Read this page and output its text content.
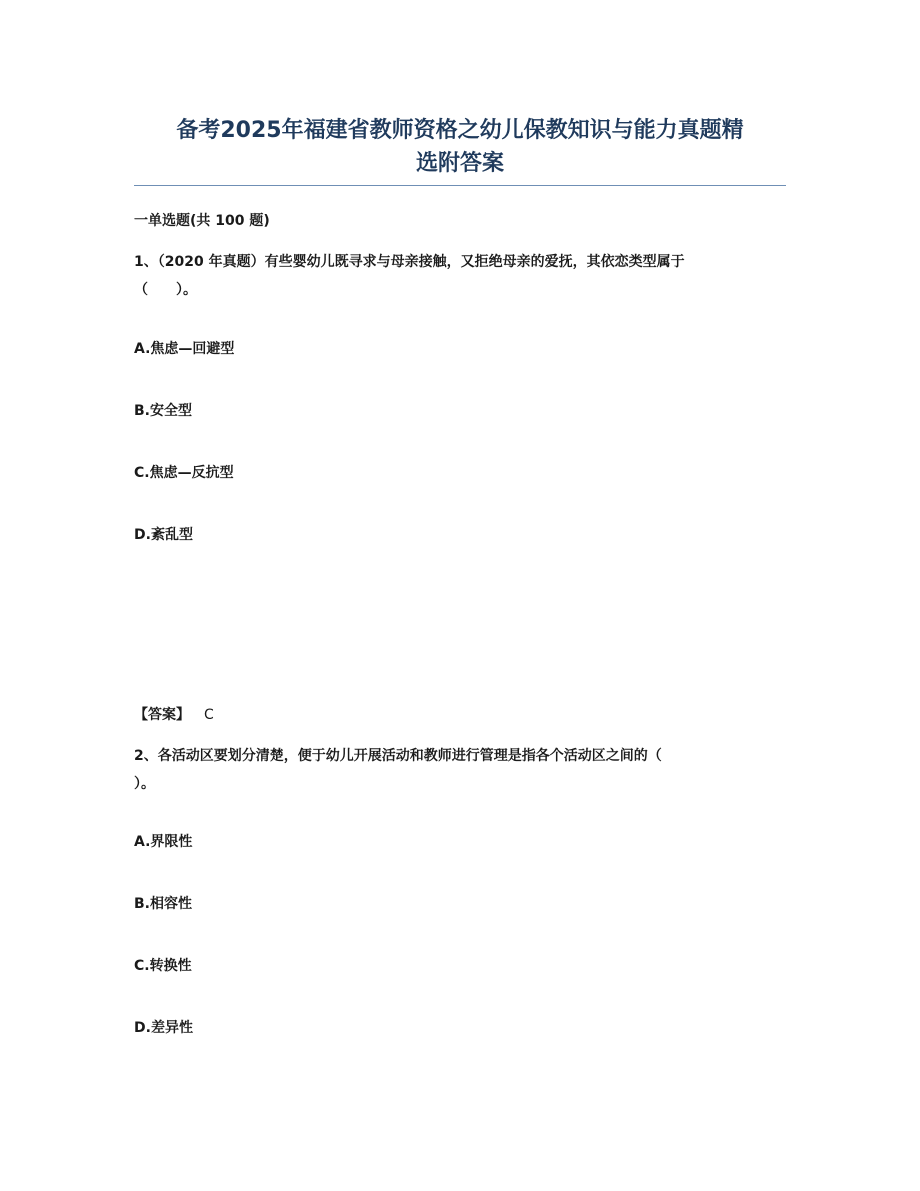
备考2025年福建省教师资格之幼儿保教知识与能力真题精
选附答案

一单选题(共 100 题)

1、（2020 年真题）有些婴幼儿既寻求与母亲接触，又拒绝母亲的爱抚，其依恋类型属于
（　　）。

A.焦虑—回避型

B.安全型

C.焦虑—反抗型

D.紊乱型

【答案】 C

2、各活动区要划分清楚，便于幼儿开展活动和教师进行管理是指各个活动区之间的（
）。

A.界限性

B.相容性

C.转换性

D.差异性
